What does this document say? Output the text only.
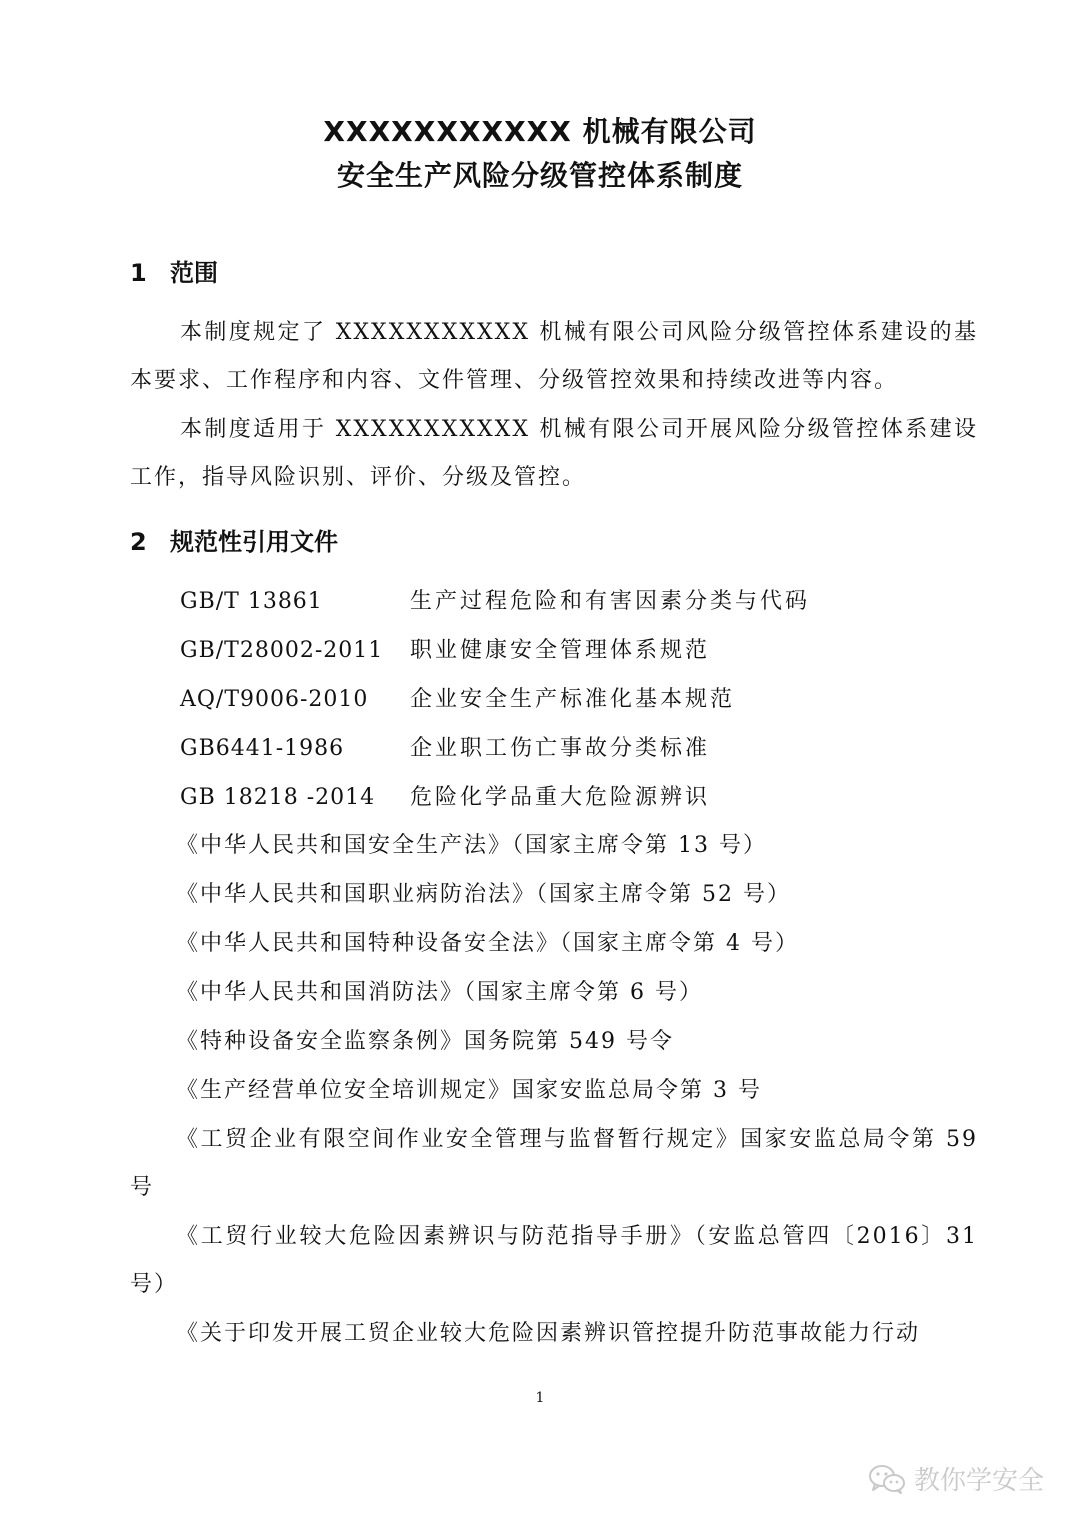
XXXXXXXXXXX 机械有限公司
安全生产风险分级管控体系制度
1 范围
本制度规定了 XXXXXXXXXXX 机械有限公司风险分级管控体系建设的基本要求、工作程序和内容、文件管理、分级管控效果和持续改进等内容。
本制度适用于 XXXXXXXXXXX 机械有限公司开展风险分级管控体系建设工作，指导风险识别、评价、分级及管控。
2 规范性引用文件
GB/T 13861	生产过程危险和有害因素分类与代码
GB/T28002-2011 职业健康安全管理体系规范
AQ/T9006-2010 企业安全生产标准化基本规范
GB6441-1986	企业职工伤亡事故分类标准
GB 18218 -2014 危险化学品重大危险源辨识
《中华人民共和国安全生产法》（国家主席令第 13 号）
《中华人民共和国职业病防治法》（国家主席令第 52 号）
《中华人民共和国特种设备安全法》（国家主席令第 4 号）
《中华人民共和国消防法》（国家主席令第 6 号）
《特种设备安全监察条例》国务院第 549 号令
《生产经营单位安全培训规定》国家安监总局令第 3 号
《工贸企业有限空间作业安全管理与监督暂行规定》国家安监总局令第 59 号
《工贸行业较大危险因素辨识与防范指导手册》（安监总管四〔2016〕31 号）
《关于印发开展工贸企业较大危险因素辨识管控提升防范事故能力行动
1
教你学安全
